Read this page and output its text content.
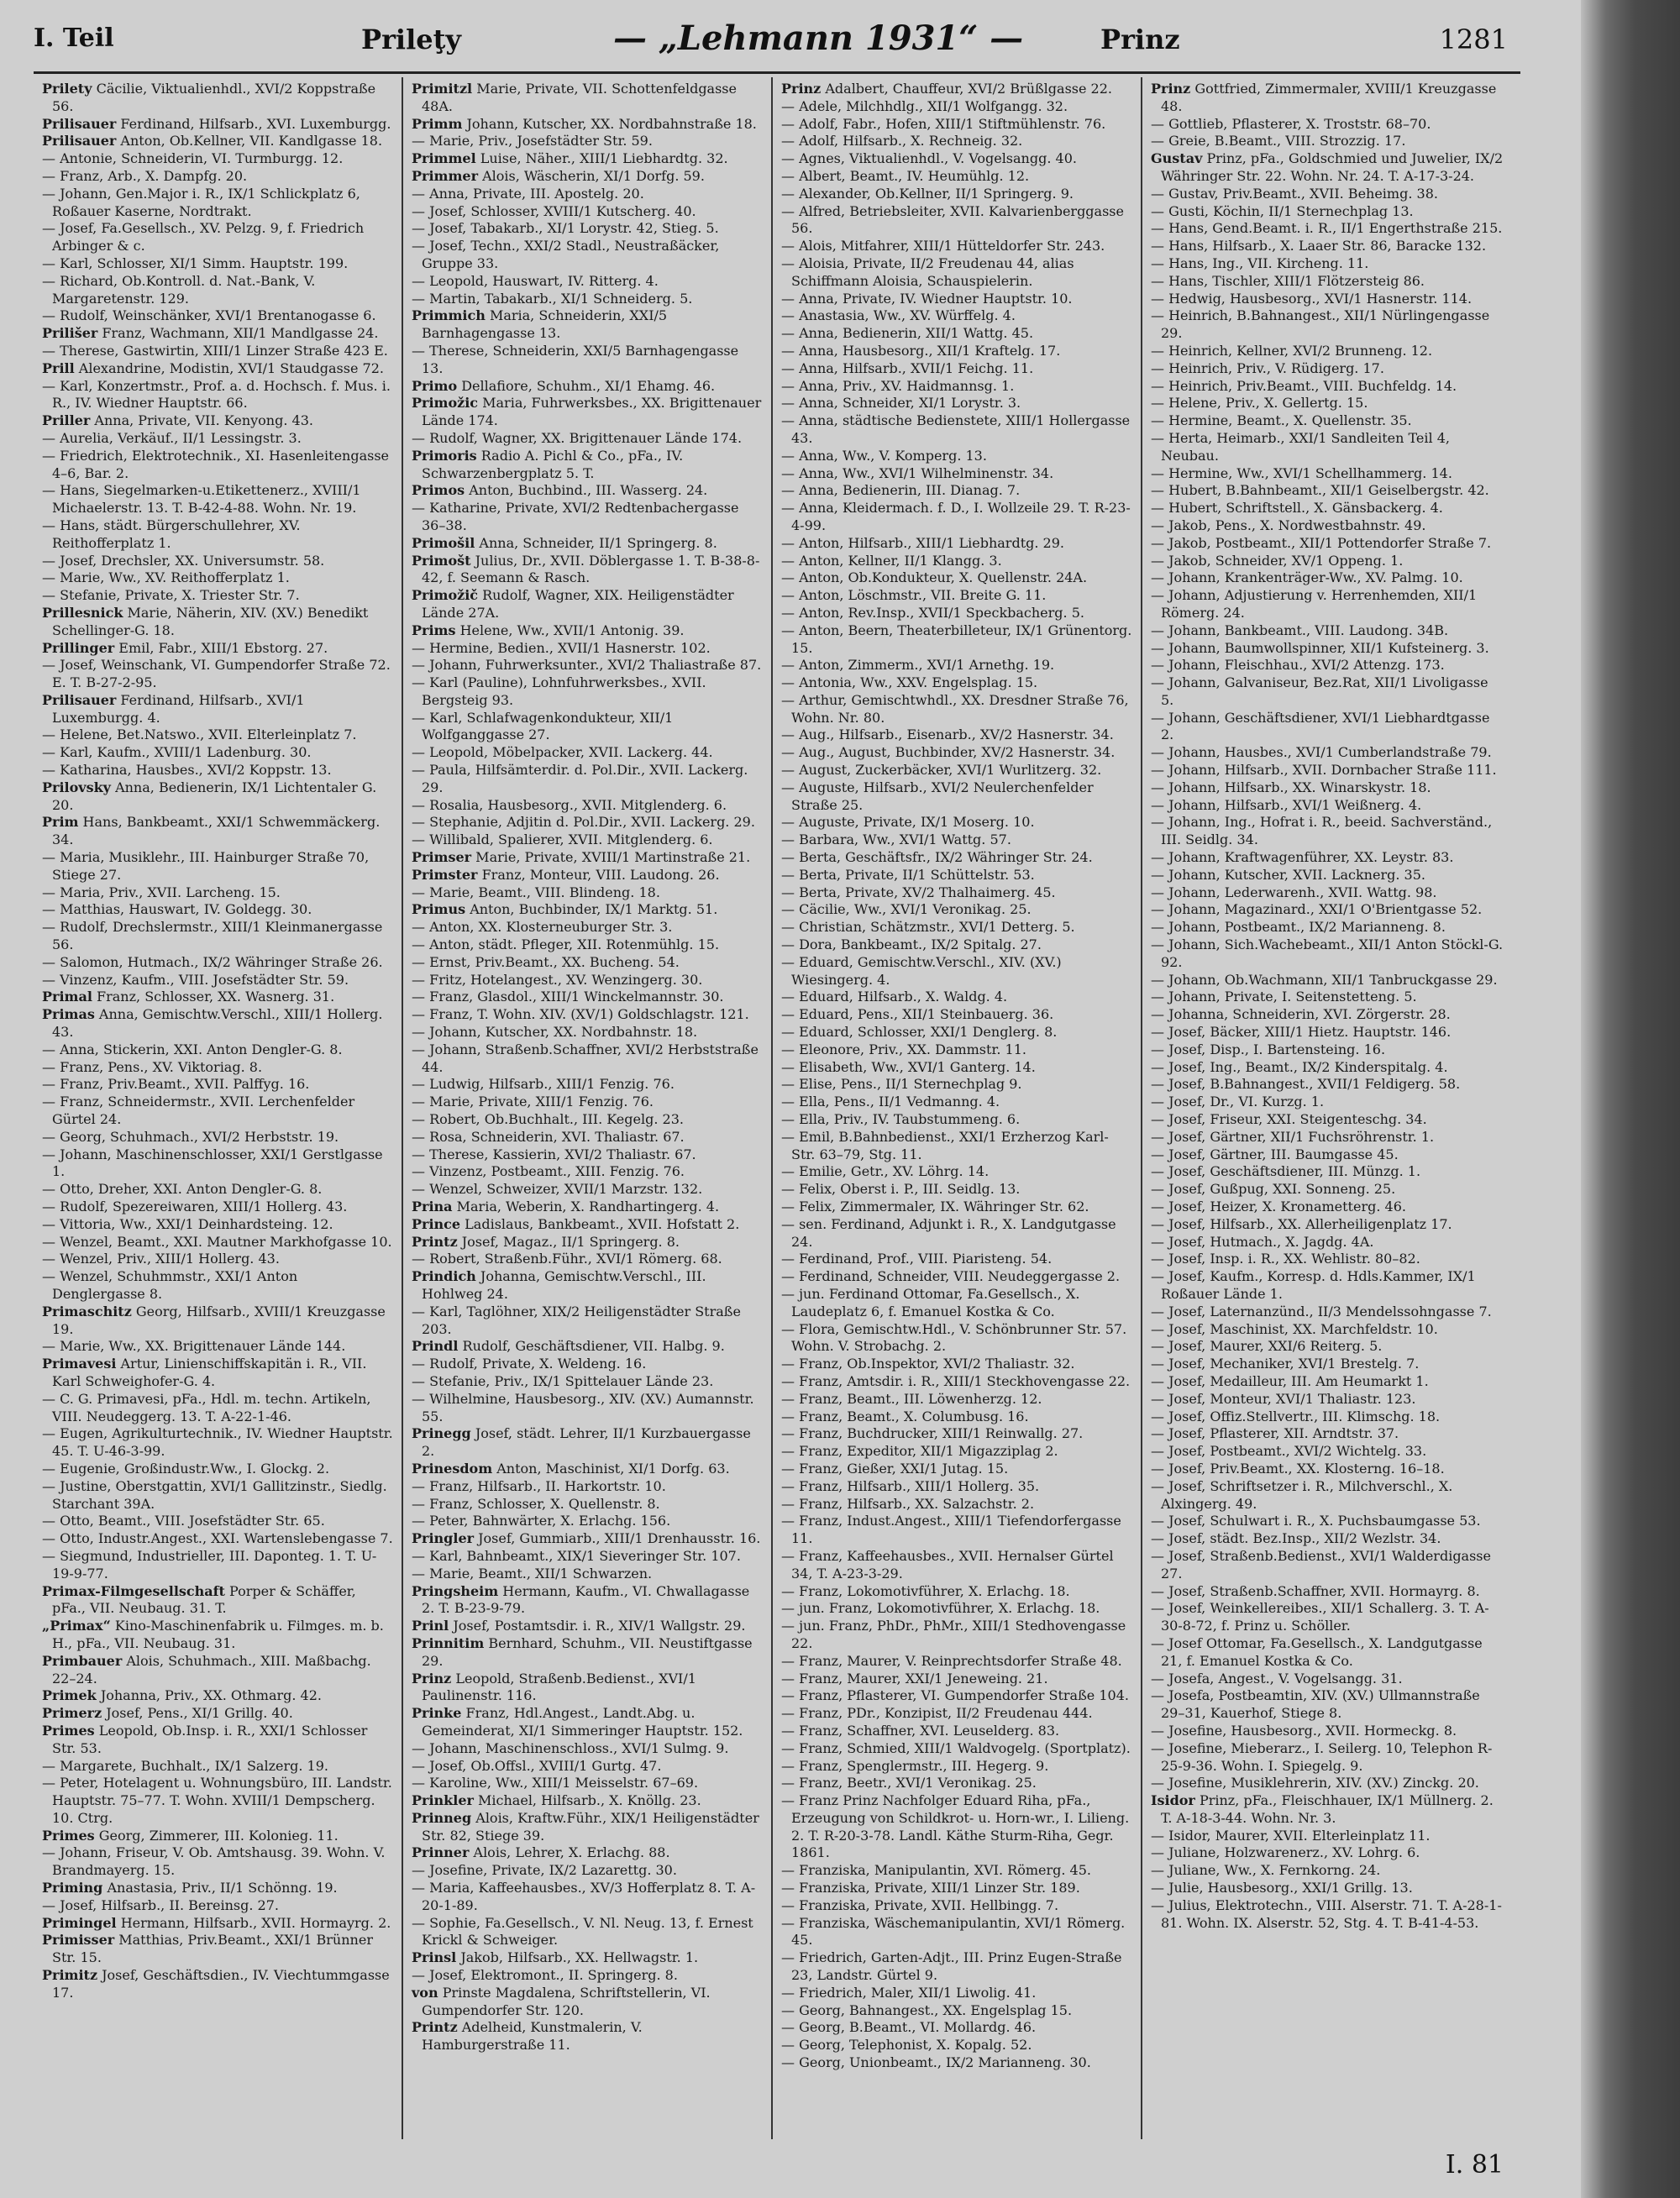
I. Teil	Prileţy	— „Lehmann 1931“ —	Prinz	1281

Prilety Cäcilie, Viktualienhdl., XVI/2 Koppstraße 56.

Prilisauer Ferdinand, Hilfsarb., XVI. Luxemburgg.

Prilisauer Anton, Ob.Kellner, VII. Kandlgasse 18.

— Antonie, Schneiderin, VI. Turmburgg. 12.

— Franz, Arb., X. Dampfg. 20.

— Johann, Gen.Major i. R., IX/1 Schlickplatz 6, Roßauer Kaserne, Nordtrakt.

— Josef, Fa.Gesellsch., XV. Pelzg. 9, f. Friedrich Arbinger & c.

— Karl, Schlosser, XI/1 Simm. Hauptstr. 199.

— Richard, Ob.Kontroll. d. Nat.-Bank, V. Margaretenstr. 129.

— Rudolf, Weinschänker, XVI/1 Brentanogasse 6.

Prilišer Franz, Wachmann, XII/1 Mandlgasse 24.

— Therese, Gastwirtin, XIII/1 Linzer Straße 423 E.

Prill Alexandrine, Modistin, XVI/1 Staudgasse 72.

— Karl, Konzertmstr., Prof. a. d. Hochsch. f. Mus. i. R., IV. Wiedner Hauptstr. 66.

Priller Anna, Private, VII. Kenyong. 43.

— Aurelia, Verkäuf., II/1 Lessingstr. 3.

— Friedrich, Elektrotechnik., XI. Hasenleitengasse 4–6, Bar. 2.

— Hans, Siegelmarken-u.Etikettenerz., XVIII/1 Michaelerstr. 13. T. B-42-4-88. Wohn. Nr. 19.

— Hans, städt. Bürgerschullehrer, XV. Reithofferplatz 1.

— Josef, Drechsler, XX. Universumstr. 58.

— Marie, Ww., XV. Reithofferplatz 1.

— Stefanie, Private, X. Triester Str. 7.

Prillesnick Marie, Näherin, XIV. (XV.) Benedikt Schellinger-G. 18.

Prillinger Emil, Fabr., XIII/1 Ebstorg. 27.

— Josef, Weinschank, VI. Gumpendorfer Straße 72. E. T. B-27-2-95.

Prilisauer Ferdinand, Hilfsarb., XVI/1 Luxemburgg. 4.

— Helene, Bet.Natswo., XVII. Elterleinplatz 7.

— Karl, Kaufm., XVIII/1 Ladenburg. 30.

— Katharina, Hausbes., XVI/2 Koppstr. 13.

Prilovsky Anna, Bedienerin, IX/1 Lichtentaler G. 20.

Prim Hans, Bankbeamt., XXI/1 Schwemmäckerg. 34.

— Maria, Musiklehr., III. Hainburger Straße 70, Stiege 27.

— Maria, Priv., XVII. Larcheng. 15.

— Matthias, Hauswart, IV. Goldegg. 30.

— Rudolf, Drechslermstr., XIII/1 Kleinmanergasse 56.

— Salomon, Hutmach., IX/2 Währinger Straße 26.

— Vinzenz, Kaufm., VIII. Josefstädter Str. 59.

Primal Franz, Schlosser, XX. Wasnerg. 31.

Primas Anna, Gemischtw.Verschl., XIII/1 Hollerg. 43.

— Anna, Stickerin, XXI. Anton Dengler-G. 8.

— Franz, Pens., XV. Viktoriag. 8.

— Franz, Priv.Beamt., XVII. Palffyg. 16.

— Franz, Schneidermstr., XVII. Lerchenfelder Gürtel 24.

— Georg, Schuhmach., XVI/2 Herbststr. 19.

— Johann, Maschinenschlosser, XXI/1 Gerstlgasse 1.

— Otto, Dreher, XXI. Anton Dengler-G. 8.

— Rudolf, Spezereiwaren, XIII/1 Hollerg. 43.

— Vittoria, Ww., XXI/1 Deinhardsteing. 12.

— Wenzel, Beamt., XXI. Mautner Markhofgasse 10.

— Wenzel, Priv., XIII/1 Hollerg. 43.

— Wenzel, Schuhmmstr., XXI/1 Anton Denglergasse 8.

Primaschitz Georg, Hilfsarb., XVIII/1 Kreuzgasse 19.

— Marie, Ww., XX. Brigittenauer Lände 144.

Primavesi Artur, Linienschiffskapitän i. R., VII. Karl Schweighofer-G. 4.

— C. G. Primavesi, pFa., Hdl. m. techn. Artikeln, VIII. Neudeggerg. 13. T. A-22-1-46.

— Eugen, Agrikulturtechnik., IV. Wiedner Hauptstr. 45. T. U-46-3-99.

— Eugenie, Großindustr.Ww., I. Glockg. 2.

— Justine, Oberstgattin, XVI/1 Gallitzinstr., Siedlg. Starchant 39A.

— Otto, Beamt., VIII. Josefstädter Str. 65.

— Otto, Industr.Angest., XXI. Wartenslebengasse 7.

— Siegmund, Industrieller, III. Daponteg. 1. T. U-19-9-77.

Primax-Filmgesellschaft Porper & Schäffer, pFa., VII. Neubaug. 31. T.

„Primax“ Kino-Maschinenfabrik u. Filmges. m. b. H., pFa., VII. Neubaug. 31.

Primbauer Alois, Schuhmach., XIII. Maßbachg. 22–24.

Primek Johanna, Priv., XX. Othmarg. 42.

Primerz Josef, Pens., XI/1 Grillg. 40.

Primes Leopold, Ob.Insp. i. R., XXI/1 Schlosser Str. 53.

— Margarete, Buchhalt., IX/1 Salzerg. 19.

— Peter, Hotelagent u. Wohnungsbüro, III. Landstr. Hauptstr. 75–77. T. Wohn. XVIII/1 Dempscherg. 10. Ctrg.

Primes Georg, Zimmerer, III. Kolonieg. 11.

— Johann, Friseur, V. Ob. Amtshausg. 39. Wohn. V. Brandmayerg. 15.

Priming Anastasia, Priv., II/1 Schönng. 19.

— Josef, Hilfsarb., II. Bereinsg. 27.

Primingel Hermann, Hilfsarb., XVII. Hormayrg. 2.

Primisser Matthias, Priv.Beamt., XXI/1 Brünner Str. 15.

Primitz Josef, Geschäftsdien., IV. Viechtummgasse 17.

Primitzl Marie, Private, VII. Schottenfeldgasse 48A.

Primm Johann, Kutscher, XX. Nordbahnstraße 18.

— Marie, Priv., Josefstädter Str. 59.

Primmel Luise, Näher., XIII/1 Liebhardtg. 32.

Primmer Alois, Wäscherin, XI/1 Dorfg. 59.

— Anna, Private, III. Apostelg. 20.

— Josef, Schlosser, XVIII/1 Kutscherg. 40.

— Josef, Tabakarb., XI/1 Lorystr. 42, Stieg. 5.

— Josef, Techn., XXI/2 Stadl., Neustraßäcker, Gruppe 33.

— Leopold, Hauswart, IV. Ritterg. 4.

— Martin, Tabakarb., XI/1 Schneiderg. 5.

Primmich Maria, Schneiderin, XXI/5 Barnhagengasse 13.

— Therese, Schneiderin, XXI/5 Barnhagengasse 13.

Primo Dellafiore, Schuhm., XI/1 Ehamg. 46.

Primožic Maria, Fuhrwerksbes., XX. Brigittenauer Lände 174.

— Rudolf, Wagner, XX. Brigittenauer Lände 174.

Primoris Radio A. Pichl & Co., pFa., IV. Schwarzenbergplatz 5. T.

Primos Anton, Buchbind., III. Wasserg. 24.

— Katharine, Private, XVI/2 Redtenbachergasse 36–38.

Primošil Anna, Schneider, II/1 Springerg. 8.

Primošt Julius, Dr., XVII. Döblergasse 1. T. B-38-8-42, f. Seemann & Rasch.

Primožič Rudolf, Wagner, XIX. Heiligenstädter Lände 27A.

Prims Helene, Ww., XVII/1 Antonig. 39.

— Hermine, Bedien., XVII/1 Hasnerstr. 102.

— Johann, Fuhrwerksunter., XVI/2 Thaliastraße 87.

— Karl (Pauline), Lohnfuhrwerksbes., XVII. Bergsteig 93.

— Karl, Schlafwagenkondukteur, XII/1 Wolfganggasse 27.

— Leopold, Möbelpacker, XVII. Lackerg. 44.

— Paula, Hilfsämterdir. d. Pol.Dir., XVII. Lackerg. 29.

— Rosalia, Hausbesorg., XVII. Mitglenderg. 6.

— Stephanie, Adjitin d. Pol.Dir., XVII. Lackerg. 29.

— Willibald, Spalierer, XVII. Mitglenderg. 6.

Primser Marie, Private, XVIII/1 Martinstraße 21.

Primster Franz, Monteur, VIII. Laudong. 26.

— Marie, Beamt., VIII. Blindeng. 18.

Primus Anton, Buchbinder, IX/1 Marktg. 51.

— Anton, XX. Klosterneuburger Str. 3.

— Anton, städt. Pfleger, XII. Rotenmühlg. 15.

— Ernst, Priv.Beamt., XX. Bucheng. 54.

— Fritz, Hotelangest., XV. Wenzingerg. 30.

— Franz, Glasdol., XIII/1 Winckelmannstr. 30.

— Franz, T. Wohn. XIV. (XV/1) Goldschlagstr. 121.

— Johann, Kutscher, XX. Nordbahnstr. 18.

— Johann, Straßenb.Schaffner, XVI/2 Herbststraße 44.

— Ludwig, Hilfsarb., XIII/1 Fenzig. 76.

— Marie, Private, XIII/1 Fenzig. 76.

— Robert, Ob.Buchhalt., III. Kegelg. 23.

— Rosa, Schneiderin, XVI. Thaliastr. 67.

— Therese, Kassierin, XVI/2 Thaliastr. 67.

— Vinzenz, Postbeamt., XIII. Fenzig. 76.

— Wenzel, Schweizer, XVII/1 Marzstr. 132.

Prina Maria, Weberin, X. Randhartingerg. 4.

Prince Ladislaus, Bankbeamt., XVII. Hofstatt 2.

Printz Josef, Magaz., II/1 Springerg. 8.

— Robert, Straßenb.Führ., XVI/1 Römerg. 68.

Prindich Johanna, Gemischtw.Verschl., III. Hohlweg 24.

— Karl, Taglöhner, XIX/2 Heiligenstädter Straße 203.

Prindl Rudolf, Geschäftsdiener, VII. Halbg. 9.

— Rudolf, Private, X. Weldeng. 16.

— Stefanie, Priv., IX/1 Spittelauer Lände 23.

— Wilhelmine, Hausbesorg., XIV. (XV.) Aumannstr. 55.

Prinegg Josef, städt. Lehrer, II/1 Kurzbauergasse 2.

Prinesdom Anton, Maschinist, XI/1 Dorfg. 63.

— Franz, Hilfsarb., II. Harkortstr. 10.

— Franz, Schlosser, X. Quellenstr. 8.

— Peter, Bahnwärter, X. Erlachg. 156.

Pringler Josef, Gummiarb., XIII/1 Drenhausstr. 16.

— Karl, Bahnbeamt., XIX/1 Sieveringer Str. 107.

— Marie, Beamt., XII/1 Schwarzen.

Pringsheim Hermann, Kaufm., VI. Chwallagasse 2. T. B-23-9-79.

Prinl Josef, Postamtsdir. i. R., XIV/1 Wallgstr. 29.

Prinnitim Bernhard, Schuhm., VII. Neustiftgasse 29.

Prinz Leopold, Straßenb.Bedienst., XVI/1 Paulinenstr. 116.

Prinke Franz, Hdl.Angest., Landt.Abg. u. Gemeinderat, XI/1 Simmeringer Hauptstr. 152.

— Johann, Maschinenschloss., XVI/1 Sulmg. 9.

— Josef, Ob.Offsl., XVIII/1 Gurtg. 47.

— Karoline, Ww., XIII/1 Meisselstr. 67–69.

Prinkler Michael, Hilfsarb., X. Knöllg. 23.

Prinneg Alois, Kraftw.Führ., XIX/1 Heiligenstädter Str. 82, Stiege 39.

Prinner Alois, Lehrer, X. Erlachg. 88.

— Josefine, Private, IX/2 Lazarettg. 30.

— Maria, Kaffeehausbes., XV/3 Hofferplatz 8. T. A-20-1-89.

— Sophie, Fa.Gesellsch., V. Nl. Neug. 13, f. Ernest Krickl & Schweiger.

Prinsl Jakob, Hilfsarb., XX. Hellwagstr. 1.

— Josef, Elektromont., II. Springerg. 8.

von Prinste Magdalena, Schriftstellerin, VI. Gumpendorfer Str. 120.

Printz Adelheid, Kunstmalerin, V. Hamburgerstraße 11.

Prinz Adalbert, Chauffeur, XVI/2 Brüßlgasse 22.

— Adele, Milchhdlg., XII/1 Wolfgangg. 32.

— Adolf, Fabr., Hofen, XIII/1 Stiftmühlenstr. 76.

— Adolf, Hilfsarb., X. Rechneig. 32.

— Agnes, Viktualienhdl., V. Vogelsangg. 40.

— Albert, Beamt., IV. Heumühlg. 12.

— Alexander, Ob.Kellner, II/1 Springerg. 9.

— Alfred, Betriebsleiter, XVII. Kalvarienberggasse 56.

— Alois, Mitfahrer, XIII/1 Hütteldorfer Str. 243.

— Aloisia, Private, II/2 Freudenau 44, alias Schiffmann Aloisia, Schauspielerin.

— Anna, Private, IV. Wiedner Hauptstr. 10.

— Anastasia, Ww., XV. Würffelg. 4.

— Anna, Bedienerin, XII/1 Wattg. 45.

— Anna, Hausbesorg., XII/1 Kraftelg. 17.

— Anna, Hilfsarb., XVII/1 Feichg. 11.

— Anna, Priv., XV. Haidmannsg. 1.

— Anna, Schneider, XI/1 Lorystr. 3.

— Anna, städtische Bedienstete, XIII/1 Hollergasse 43.

— Anna, Ww., V. Komperg. 13.

— Anna, Ww., XVI/1 Wilhelminenstr. 34.

— Anna, Bedienerin, III. Dianag. 7.

— Anna, Kleidermach. f. D., I. Wollzeile 29. T. R-23-4-99.

— Anton, Hilfsarb., XIII/1 Liebhardtg. 29.

— Anton, Kellner, II/1 Klangg. 3.

— Anton, Ob.Kondukteur, X. Quellenstr. 24A.

— Anton, Löschmstr., VII. Breite G. 11.

— Anton, Rev.Insp., XVII/1 Speckbacherg. 5.

— Anton, Beern, Theaterbilleteur, IX/1 Grünentorg. 15.

— Anton, Zimmerm., XVI/1 Arnethg. 19.

— Antonia, Ww., XXV. Engelsplag. 15.

— Arthur, Gemischtwhdl., XX. Dresdner Straße 76, Wohn. Nr. 80.

— Aug., Hilfsarb., Eisenarb., XV/2 Hasnerstr. 34.

— Aug., August, Buchbinder, XV/2 Hasnerstr. 34.

— August, Zuckerbäcker, XVI/1 Wurlitzerg. 32.

— Auguste, Hilfsarb., XVI/2 Neulerchenfelder Straße 25.

— Auguste, Private, IX/1 Moserg. 10.

— Barbara, Ww., XVI/1 Wattg. 57.

— Berta, Geschäftsfr., IX/2 Währinger Str. 24.

— Berta, Private, II/1 Schüttelstr. 53.

— Berta, Private, XV/2 Thalhaimerg. 45.

— Cäcilie, Ww., XVI/1 Veronikag. 25.

— Christian, Schätzmstr., XVI/1 Detterg. 5.

— Dora, Bankbeamt., IX/2 Spitalg. 27.

— Eduard, Gemischtw.Verschl., XIV. (XV.) Wiesingerg. 4.

— Eduard, Hilfsarb., X. Waldg. 4.

— Eduard, Pens., XII/1 Steinbauerg. 36.

— Eduard, Schlosser, XXI/1 Denglerg. 8.

— Eleonore, Priv., XX. Dammstr. 11.

— Elisabeth, Ww., XVI/1 Ganterg. 14.

— Elise, Pens., II/1 Sternechplag 9.

— Ella, Pens., II/1 Vedmanng. 4.

— Ella, Priv., IV. Taubstummeng. 6.

— Emil, B.Bahnbedienst., XXI/1 Erzherzog Karl-Str. 63–79, Stg. 11.

— Emilie, Getr., XV. Löhrg. 14.

— Felix, Oberst i. P., III. Seidlg. 13.

— Felix, Zimmermaler, IX. Währinger Str. 62.

— sen. Ferdinand, Adjunkt i. R., X. Landgutgasse 24.

— Ferdinand, Prof., VIII. Piaristeng. 54.

— Ferdinand, Schneider, VIII. Neudeggergasse 2.

— jun. Ferdinand Ottomar, Fa.Gesellsch., X. Laudeplatz 6, f. Emanuel Kostka & Co.

— Flora, Gemischtw.Hdl., V. Schönbrunner Str. 57. Wohn. V. Strobachg. 2.

— Franz, Ob.Inspektor, XVI/2 Thaliastr. 32.

— Franz, Amtsdir. i. R., XIII/1 Steckhovengasse 22.

— Franz, Beamt., III. Löwenherzg. 12.

— Franz, Beamt., X. Columbusg. 16.

— Franz, Buchdrucker, XIII/1 Reinwallg. 27.

— Franz, Expeditor, XII/1 Migazziplag 2.

— Franz, Gießer, XXI/1 Jutag. 15.

— Franz, Hilfsarb., XIII/1 Hollerg. 35.

— Franz, Hilfsarb., XX. Salzachstr. 2.

— Franz, Indust.Angest., XIII/1 Tiefendorfergasse 11.

— Franz, Kaffeehausbes., XVII. Hernalser Gürtel 34, T. A-23-3-29.

— Franz, Lokomotivführer, X. Erlachg. 18.

— jun. Franz, Lokomotivführer, X. Erlachg. 18.

— jun. Franz, PhDr., PhMr., XIII/1 Stedhovengasse 22.

— Franz, Maurer, V. Reinprechtsdorfer Straße 48.

— Franz, Maurer, XXI/1 Jeneweing. 21.

— Franz, Pflasterer, VI. Gumpendorfer Straße 104.

— Franz, PDr., Konzipist, II/2 Freudenau 444.

— Franz, Schaffner, XVI. Leuselderg. 83.

— Franz, Schmied, XIII/1 Waldvogelg. (Sportplatz).

— Franz, Spenglermstr., III. Hegerg. 9.

— Franz, Beetr., XVI/1 Veronikag. 25.

— Franz Prinz Nachfolger Eduard Riha, pFa., Erzeugung von Schildkrot- u. Horn-wr., I. Lilieng. 2. T. R-20-3-78. Landl. Käthe Sturm-Riha, Gegr. 1861.

— Franziska, Manipulantin, XVI. Römerg. 45.

— Franziska, Private, XIII/1 Linzer Str. 189.

— Franziska, Private, XVII. Hellbingg. 7.

— Franziska, Wäschemanipulantin, XVI/1 Römerg. 45.

— Friedrich, Garten-Adjt., III. Prinz Eugen-Straße 23, Landstr. Gürtel 9.

— Friedrich, Maler, XII/1 Liwolig. 41.

— Georg, Bahnangest., XX. Engelsplag 15.

— Georg, B.Beamt., VI. Mollardg. 46.

— Georg, Telephonist, X. Kopalg. 52.

— Georg, Unionbeamt., IX/2 Marianneng. 30.

Prinz Gottfried, Zimmermaler, XVIII/1 Kreuzgasse 48.

— Gottlieb, Pflasterer, X. Troststr. 68–70.

— Greie, B.Beamt., VIII. Strozzig. 17.

Gustav Prinz, pFa., Goldschmied und Juwelier, IX/2 Währinger Str. 22. Wohn. Nr. 24. T. A-17-3-24.

— Gustav, Priv.Beamt., XVII. Beheimg. 38.

— Gusti, Köchin, II/1 Sternechplag 13.

— Hans, Gend.Beamt. i. R., II/1 Engerthstraße 215.

— Hans, Hilfsarb., X. Laaer Str. 86, Baracke 132.

— Hans, Ing., VII. Kircheng. 11.

— Hans, Tischler, XIII/1 Flötzersteig 86.

— Hedwig, Hausbesorg., XVI/1 Hasnerstr. 114.

— Heinrich, B.Bahnangest., XII/1 Nürlingengasse 29.

— Heinrich, Kellner, XVI/2 Brunneng. 12.

— Heinrich, Priv., V. Rüdigerg. 17.

— Heinrich, Priv.Beamt., VIII. Buchfeldg. 14.

— Helene, Priv., X. Gellertg. 15.

— Hermine, Beamt., X. Quellenstr. 35.

— Herta, Heimarb., XXI/1 Sandleiten Teil 4, Neubau.

— Hermine, Ww., XVI/1 Schellhammerg. 14.

— Hubert, B.Bahnbeamt., XII/1 Geiselbergstr. 42.

— Hubert, Schriftstell., X. Gänsbackerg. 4.

— Jakob, Pens., X. Nordwestbahnstr. 49.

— Jakob, Postbeamt., XII/1 Pottendorfer Straße 7.

— Jakob, Schneider, XV/1 Oppeng. 1.

— Johann, Krankenträger-Ww., XV. Palmg. 10.

— Johann, Adjustierung v. Herrenhemden, XII/1 Römerg. 24.

— Johann, Bankbeamt., VIII. Laudong. 34B.

— Johann, Baumwollspinner, XII/1 Kufsteinerg. 3.

— Johann, Fleischhau., XVI/2 Attenzg. 173.

— Johann, Galvaniseur, Bez.Rat, XII/1 Livoligasse 5.

— Johann, Geschäftsdiener, XVI/1 Liebhardtgasse 2.

— Johann, Hausbes., XVI/1 Cumberlandstraße 79.

— Johann, Hilfsarb., XVII. Dornbacher Straße 111.

— Johann, Hilfsarb., XX. Winarskystr. 18.

— Johann, Hilfsarb., XVI/1 Weißnerg. 4.

— Johann, Ing., Hofrat i. R., beeid. Sachverständ., III. Seidlg. 34.

— Johann, Kraftwagenführer, XX. Leystr. 83.

— Johann, Kutscher, XVII. Lacknerg. 35.

— Johann, Lederwarenh., XVII. Wattg. 98.

— Johann, Magazinard., XXI/1 O'Brientgasse 52.

— Johann, Postbeamt., IX/2 Marianneng. 8.

— Johann, Sich.Wachebeamt., XII/1 Anton Stöckl-G. 92.

— Johann, Ob.Wachmann, XII/1 Tanbruckgasse 29.

— Johann, Private, I. Seitenstetteng. 5.

— Johanna, Schneiderin, XVI. Zörgerstr. 28.

— Josef, Bäcker, XIII/1 Hietz. Hauptstr. 146.

— Josef, Disp., I. Bartensteing. 16.

— Josef, Ing., Beamt., IX/2 Kinderspitalg. 4.

— Josef, B.Bahnangest., XVII/1 Feldigerg. 58.

— Josef, Dr., VI. Kurzg. 1.

— Josef, Friseur, XXI. Steigenteschg. 34.

— Josef, Gärtner, XII/1 Fuchsröhrenstr. 1.

— Josef, Gärtner, III. Baumgasse 45.

— Josef, Geschäftsdiener, III. Münzg. 1.

— Josef, Gußpug, XXI. Sonneng. 25.

— Josef, Heizer, X. Kronametterg. 46.

— Josef, Hilfsarb., XX. Allerheiligenplatz 17.

— Josef, Hutmach., X. Jagdg. 4A.

— Josef, Insp. i. R., XX. Wehlistr. 80–82.

— Josef, Kaufm., Korresp. d. Hdls.Kammer, IX/1 Roßauer Lände 1.

— Josef, Laternanzünd., II/3 Mendelssohngasse 7.

— Josef, Maschinist, XX. Marchfeldstr. 10.

— Josef, Maurer, XXI/6 Reiterg. 5.

— Josef, Mechaniker, XVI/1 Brestelg. 7.

— Josef, Medailleur, III. Am Heumarkt 1.

— Josef, Monteur, XVI/1 Thaliastr. 123.

— Josef, Offiz.Stellvertr., III. Klimschg. 18.

— Josef, Pflasterer, XII. Arndtstr. 37.

— Josef, Postbeamt., XVI/2 Wichtelg. 33.

— Josef, Priv.Beamt., XX. Klosterng. 16–18.

— Josef, Schriftsetzer i. R., Milchverschl., X. Alxingerg. 49.

— Josef, Schulwart i. R., X. Puchsbaumgasse 53.

— Josef, städt. Bez.Insp., XII/2 Wezlstr. 34.

— Josef, Straßenb.Bedienst., XVI/1 Walderdigasse 27.

— Josef, Straßenb.Schaffner, XVII. Hormayrg. 8.

— Josef, Weinkellereibes., XII/1 Schallerg. 3. T. A-30-8-72, f. Prinz u. Schöller.

— Josef Ottomar, Fa.Gesellsch., X. Landgutgasse 21, f. Emanuel Kostka & Co.

— Josefa, Angest., V. Vogelsangg. 31.

— Josefa, Postbeamtin, XIV. (XV.) Ullmannstraße 29–31, Kauerhof, Stiege 8.

— Josefine, Hausbesorg., XVII. Hormeckg. 8.

— Josefine, Mieberarz., I. Seilerg. 10, Telephon R-25-9-36. Wohn. I. Spiegelg. 9.

— Josefine, Musiklehrerin, XIV. (XV.) Zinckg. 20.

Isidor Prinz, pFa., Fleischhauer, IX/1 Müllnerg. 2. T. A-18-3-44. Wohn. Nr. 3.

— Isidor, Maurer, XVII. Elterleinplatz 11.

— Juliane, Holzwarenerz., XV. Lohrg. 6.

— Juliane, Ww., X. Fernkorng. 24.

— Julie, Hausbesorg., XXI/1 Grillg. 13.

— Julius, Elektrotechn., VIII. Alserstr. 71. T. A-28-1-81. Wohn. IX. Alserstr. 52, Stg. 4. T. B-41-4-53.

I. 81
